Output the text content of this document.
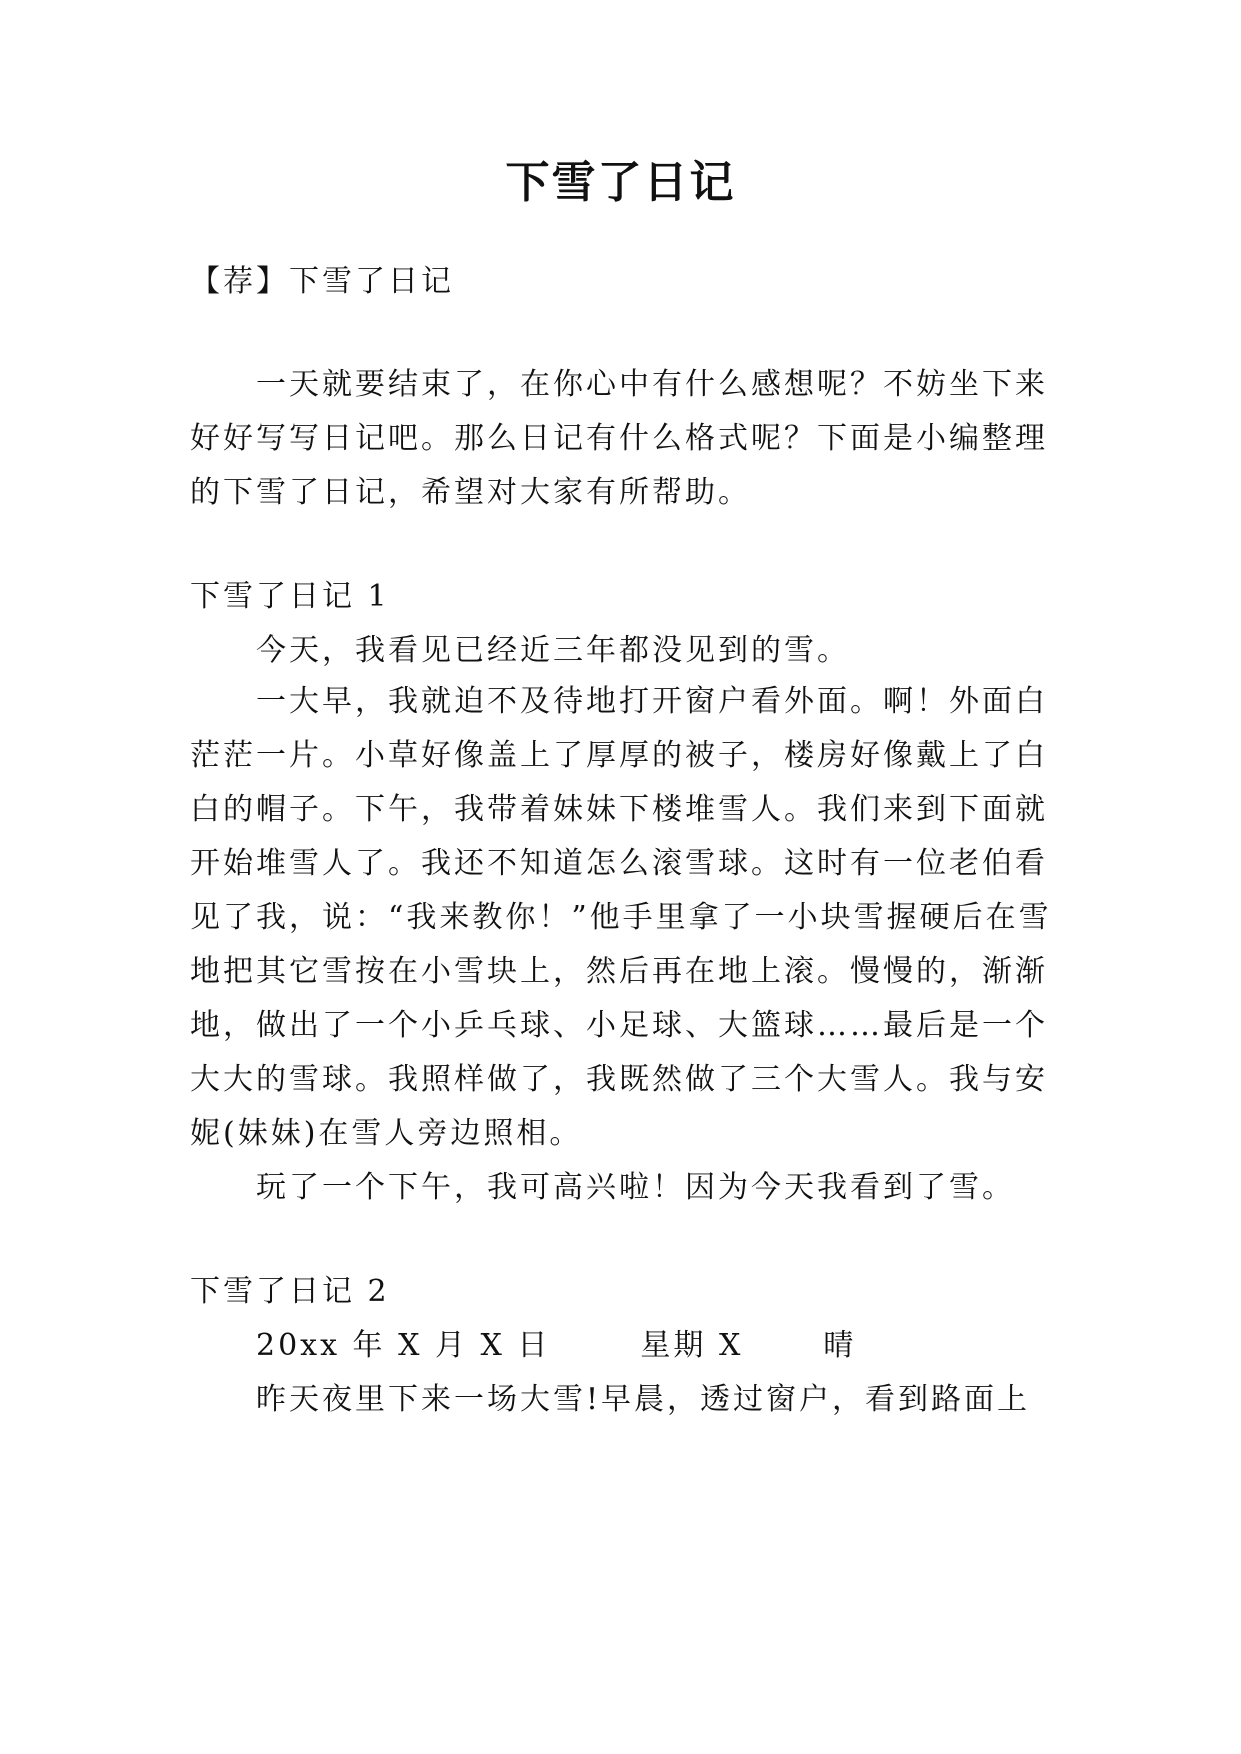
下雪了日记
【荐】下雪了日记
一天就要结束了，在你心中有什么感想呢？不妨坐下来
好好写写日记吧。那么日记有什么格式呢？下面是小编整理
的下雪了日记，希望对大家有所帮助。
下雪了日记 1
今天，我看见已经近三年都没见到的雪。
一大早，我就迫不及待地打开窗户看外面。啊！外面白
茫茫一片。小草好像盖上了厚厚的被子，楼房好像戴上了白
白的帽子。下午，我带着妹妹下楼堆雪人。我们来到下面就
开始堆雪人了。我还不知道怎么滚雪球。这时有一位老伯看
见了我，说：“我来教你！”他手里拿了一小块雪握硬后在雪
地把其它雪按在小雪块上，然后再在地上滚。慢慢的，渐渐
地，做出了一个小乒乓球、小足球、大篮球……最后是一个
大大的雪球。我照样做了，我既然做了三个大雪人。我与安
妮(妹妹)在雪人旁边照相。
玩了一个下午，我可高兴啦！因为今天我看到了雪。
下雪了日记 2
20xx 年 X 月 X 日	星期 X	晴
昨天夜里下来一场大雪!早晨，透过窗户，看到路面上
